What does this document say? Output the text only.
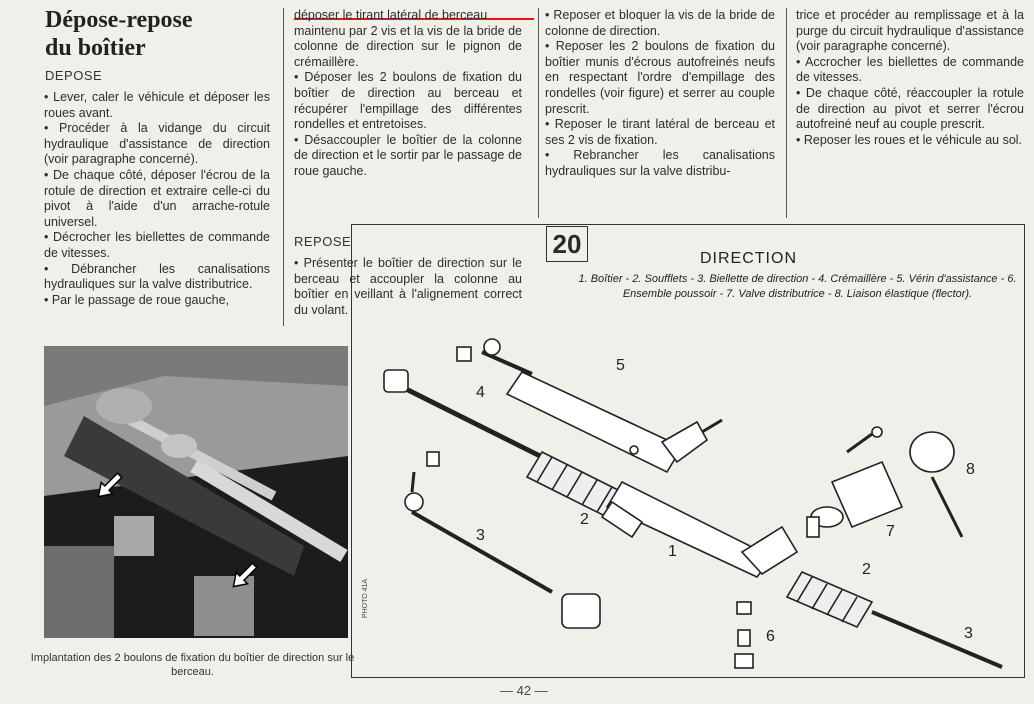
Dépose-repose
du boîtier
DEPOSE

• Lever, caler le véhicule et déposer les roues avant.

• Procéder à la vidange du circuit hydraulique d'assistance de direction (voir paragraphe concerné).

• De chaque côté, déposer l'écrou de la rotule de direction et extraire celle-ci du pivot à l'aide d'un arrache-rotule universel.

• Décrocher les biellettes de commande de vitesses.

• Débrancher les canalisations hydrauliques sur la valve distributrice.

• Par le passage de roue gauche,

déposer le tirant latéral de berceau

maintenu par 2 vis et la vis de la bride de colonne de direction sur le pignon de crémaillère.

• Déposer les 2 boulons de fixation du boîtier de direction au berceau et récupérer l'empillage des différentes rondelles et entretoises.

• Désaccoupler le boîtier de la colonne de direction et le sortir par le passage de roue gauche.

REPOSE

• Présenter le boîtier de direction sur le berceau et accoupler la colonne au boîtier en veillant à l'alignement correct du volant.

• Reposer et bloquer la vis de la bride de colonne de direction.

• Reposer les 2 boulons de fixation du boîtier munis d'écrous autofreinés neufs en respectant l'ordre d'empillage des rondelles (voir figure) et serrer au couple prescrit.

• Reposer le tirant latéral de berceau et ses 2 vis de fixation.

• Rebrancher les canalisations hydrauliques sur la valve distribu-

trice et procéder au remplissage et à la purge du circuit hydraulique d'assistance (voir paragraphe concerné).

• Accrocher les biellettes de commande de vitesses.

• De chaque côté, réaccoupler la rotule de direction au pivot et serrer l'écrou autofreiné neuf au couple prescrit.

• Reposer les roues et le véhicule au sol.

PHOTO 41A
Implantation des 2 boulons de fixation du boîtier de direction sur le berceau.
20	DIRECTION
1. Boîtier - 2. Soufflets - 3. Biellette de direction - 4. Crémaillère - 5. Vérin d'assistance - 6. Ensemble poussoir - 7. Valve distributrice - 8. Liaison élastique (flector).
5
4
2
3
1
2
3
7
8
6
— 42 —
